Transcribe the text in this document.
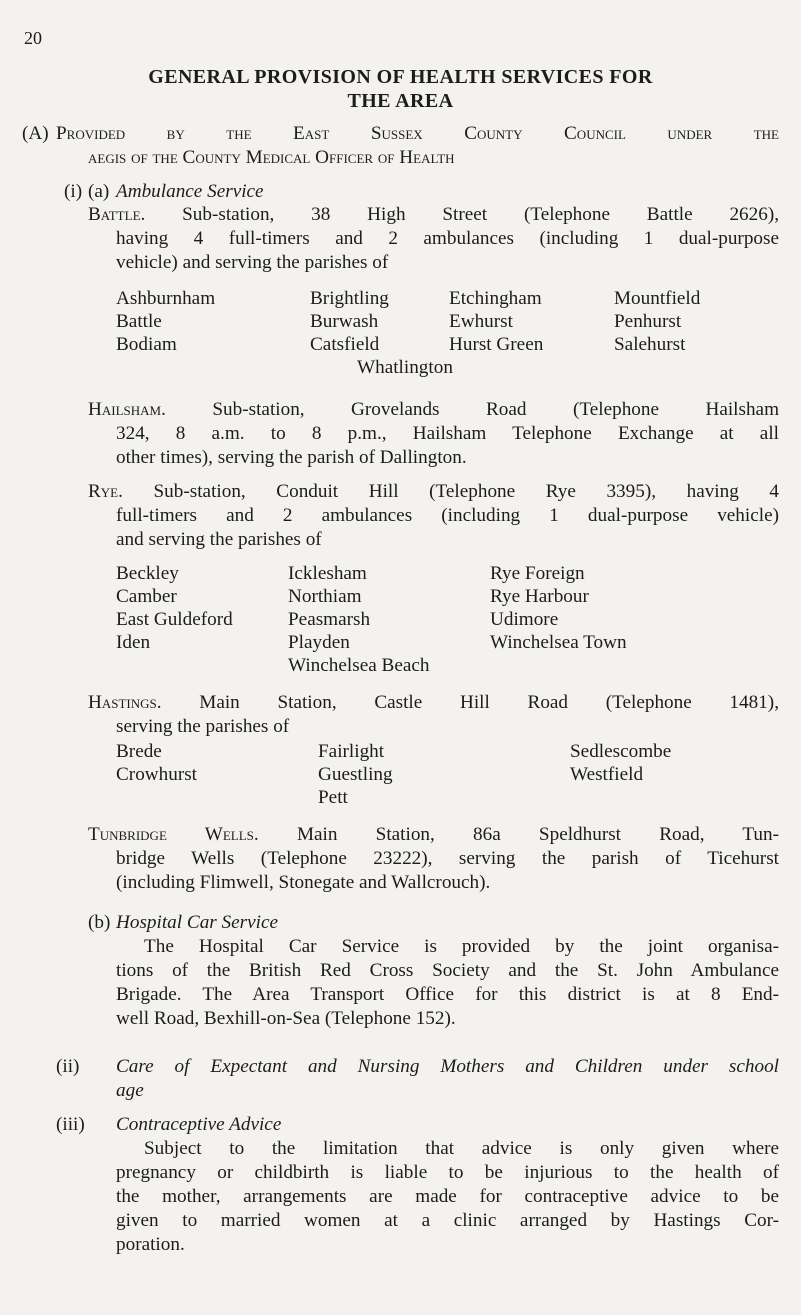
20
GENERAL PROVISION OF HEALTH SERVICES FOR
THE AREA
(A) Provided by the East Sussex County Council under the
aegis of the County Medical Officer of Health
(i) (a) Ambulance Service
Battle. Sub-station, 38 High Street (Telephone Battle 2626),
having 4 full-timers and 2 ambulances (including 1 dual-purpose
vehicle) and serving the parishes of
Ashburnham	Brightling	Etchingham	Mountfield
Battle	Burwash	Ewhurst	Penhurst
Bodiam	Catsfield	Hurst Green	Salehurst
Whatlington
Hailsham. Sub-station, Grovelands Road (Telephone Hailsham
324, 8 a.m. to 8 p.m., Hailsham Telephone Exchange at all
other times), serving the parish of Dallington.
Rye. Sub-station, Conduit Hill (Telephone Rye 3395), having 4
full-timers and 2 ambulances (including 1 dual-purpose vehicle)
and serving the parishes of
Beckley	Icklesham	Rye Foreign
Camber	Northiam	Rye Harbour
East Guldeford	Peasmarsh	Udimore
Iden	Playden	Winchelsea Town
Winchelsea Beach
Hastings. Main Station, Castle Hill Road (Telephone 1481),
serving the parishes of
Brede	Fairlight	Sedlescombe
Crowhurst	Guestling	Westfield
Pett
Tunbridge Wells. Main Station, 86a Speldhurst Road, Tun-
bridge Wells (Telephone 23222), serving the parish of Ticehurst
(including Flimwell, Stonegate and Wallcrouch).
(b) Hospital Car Service
The Hospital Car Service is provided by the joint organisa-
tions of the British Red Cross Society and the St. John Ambulance
Brigade. The Area Transport Office for this district is at 8 End-
well Road, Bexhill-on-Sea (Telephone 152).
(ii) Care of Expectant and Nursing Mothers and Children under school
age
(iii) Contraceptive Advice
Subject to the limitation that advice is only given where
pregnancy or childbirth is liable to be injurious to the health of
the mother, arrangements are made for contraceptive advice to be
given to married women at a clinic arranged by Hastings Cor-
poration.
